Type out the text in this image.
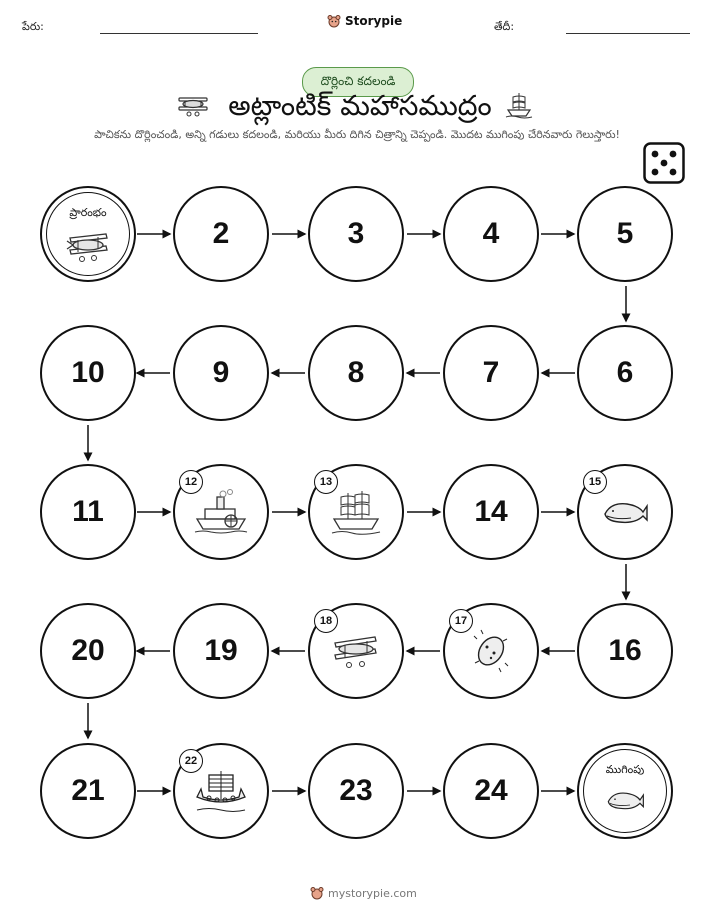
పేరు:	Storypie	తేదీ:
దొర్లించి కదలండి
అట్లాంటిక్ మహాసముద్రం
పాచికను దొర్లించండి, అన్ని గడులు కదలండి, మరియు మీరు దిగిన చిత్రాన్ని చెప్పండి. మొదట ముగింపు చేరినవారు గెలుస్తారు!
ప్రారంభం
2	3	4	5
6
7
8
9
10
11
12	13
14
15
16
17
18
19
20
21
22
23	24
ముగింపు
mystorypie.com
